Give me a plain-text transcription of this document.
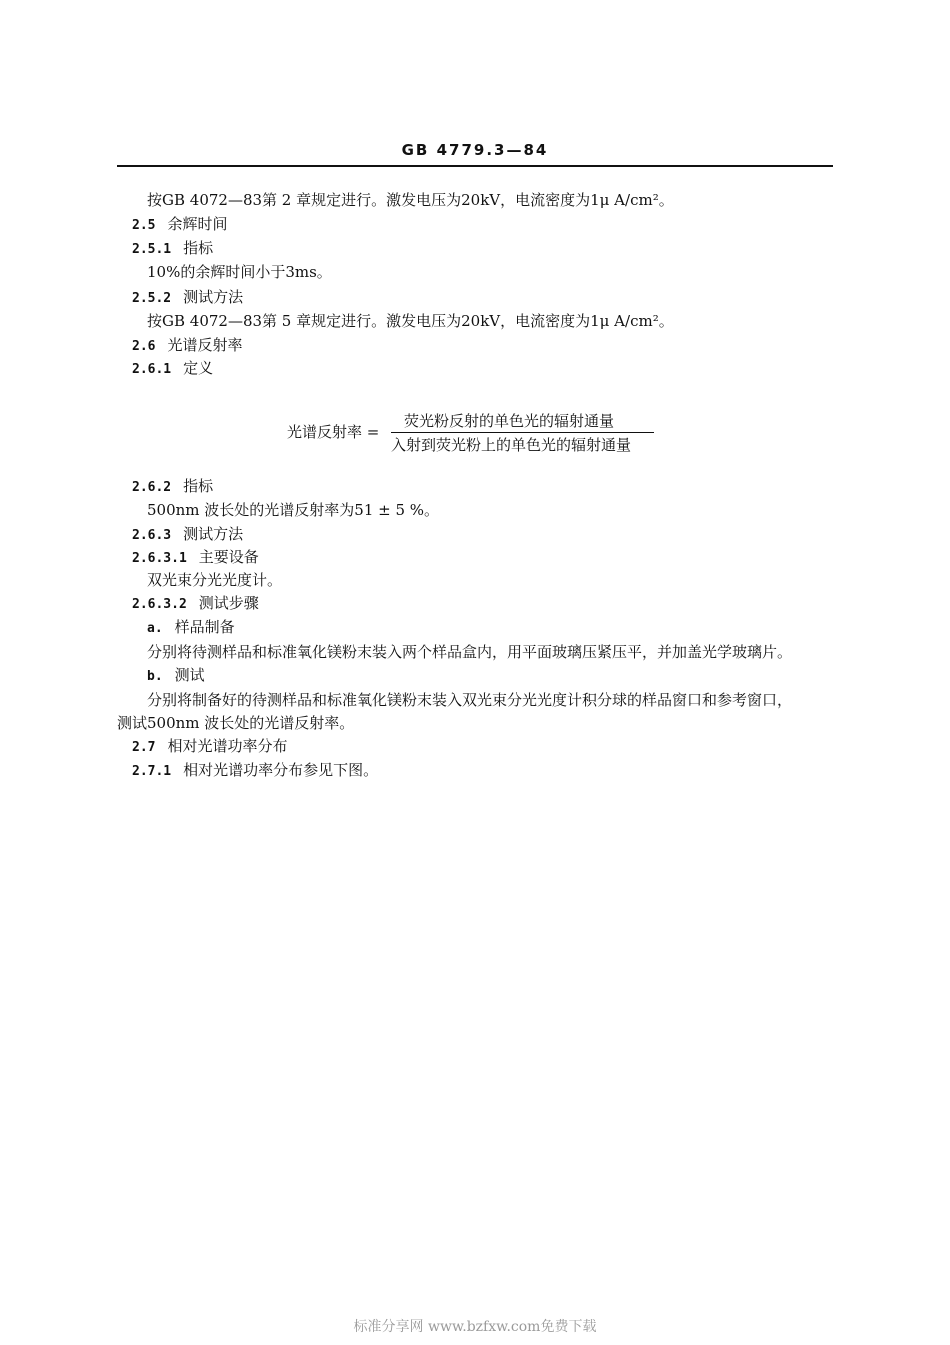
GB 4779.3—84
按GB 4072—83第 2 章规定进行。激发电压为20kV，电流密度为1μ A/cm²。
2.5 余辉时间
2.5.1 指标
10%的余辉时间小于3ms。
2.5.2 测试方法
按GB 4072—83第 5 章规定进行。激发电压为20kV，电流密度为1μ A/cm²。
2.6 光谱反射率
2.6.1 定义
光谱反射率 =
荧光粉反射的单色光的辐射通量
入射到荧光粉上的单色光的辐射通量
2.6.2 指标
500nm 波长处的光谱反射率为51 ± 5 %。
2.6.3 测试方法
2.6.3.1 主要设备
双光束分光光度计。
2.6.3.2 测试步骤
a. 样品制备
分别将待测样品和标准氧化镁粉末装入两个样品盒内，用平面玻璃压紧压平，并加盖光学玻璃片。
b. 测试
分别将制备好的待测样品和标准氧化镁粉末装入双光束分光光度计积分球的样品窗口和参考窗口，
测试500nm 波长处的光谱反射率。
2.7 相对光谱功率分布
2.7.1 相对光谱功率分布参见下图。
标准分享网 www.bzfxw.com免费下载
